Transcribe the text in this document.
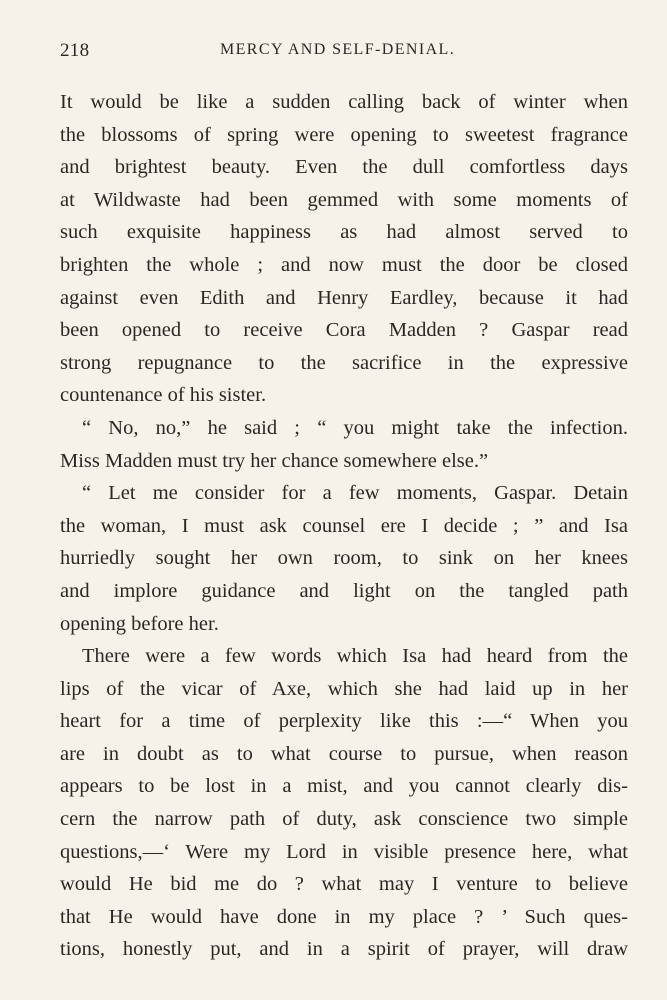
218	MERCY AND SELF-DENIAL.
It would be like a sudden calling back of winter when
the blossoms of spring were opening to sweetest fragrance
and brightest beauty. Even the dull comfortless days
at Wildwaste had been gemmed with some moments of
such exquisite happiness as had almost served to
brighten the whole ; and now must the door be closed
against even Edith and Henry Eardley, because it had
been opened to receive Cora Madden ? Gaspar read
strong repugnance to the sacrifice in the expressive
countenance of his sister.
“ No, no,” he said ; “ you might take the infection.
Miss Madden must try her chance somewhere else.”
“ Let me consider for a few moments, Gaspar. Detain
the woman, I must ask counsel ere I decide ; ” and Isa
hurriedly sought her own room, to sink on her knees
and implore guidance and light on the tangled path
opening before her.
There were a few words which Isa had heard from the
lips of the vicar of Axe, which she had laid up in her
heart for a time of perplexity like this :—“ When you
are in doubt as to what course to pursue, when reason
appears to be lost in a mist, and you cannot clearly dis-
cern the narrow path of duty, ask conscience two simple
questions,—‘ Were my Lord in visible presence here, what
would He bid me do ? what may I venture to believe
that He would have done in my place ? ’ Such ques-
tions, honestly put, and in a spirit of prayer, will draw
